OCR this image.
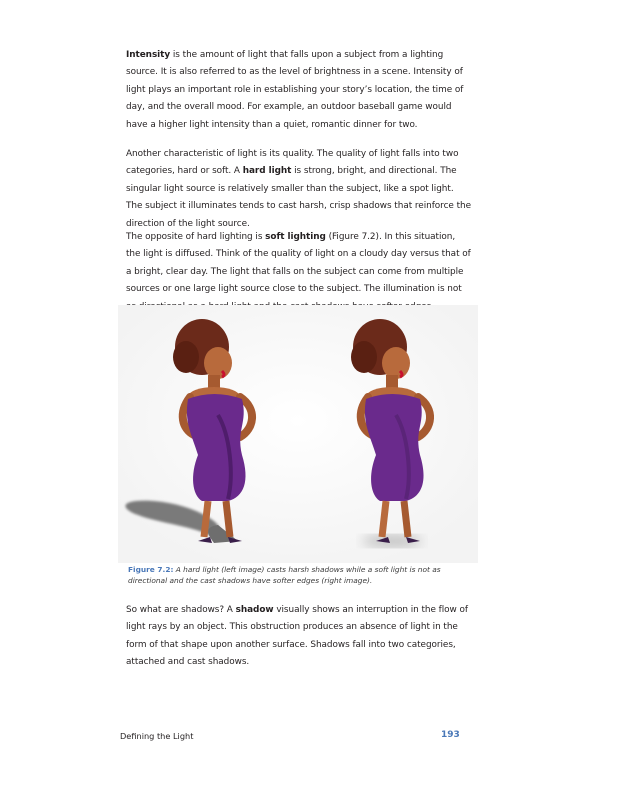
Intensity is the amount of light that falls upon a subject from a lighting source. It is also referred to as the level of brightness in a scene. Intensity of light plays an important role in establishing your story’s location, the time of day, and the overall mood. For example, an outdoor baseball game would have a higher light intensity than a quiet, romantic dinner for two.
Another characteristic of light is its quality. The quality of light falls into two categories, hard or soft. A hard light is strong, bright, and directional. The singular light source is relatively smaller than the subject, like a spot light. The subject it illuminates tends to cast harsh, crisp shadows that reinforce the direction of the light source.
The opposite of hard lighting is soft lighting (Figure 7.2). In this situation, the light is diffused. Think of the quality of light on a cloudy day versus that of a bright, clear day. The light that falls on the subject can come from multiple sources or one large light source close to the subject. The illumination is not
Figure 7.2: A hard light (left image) casts harsh shadows while a soft light is not as directional and the cast shadows have softer edges (right image).
So what are shadows? A shadow visually shows an interruption in the flow of light rays by an object. This obstruction produces an absence of light in the form of that shape upon another surface. Shadows fall into two categories, attached and cast shadows.
Defining the Light	193
